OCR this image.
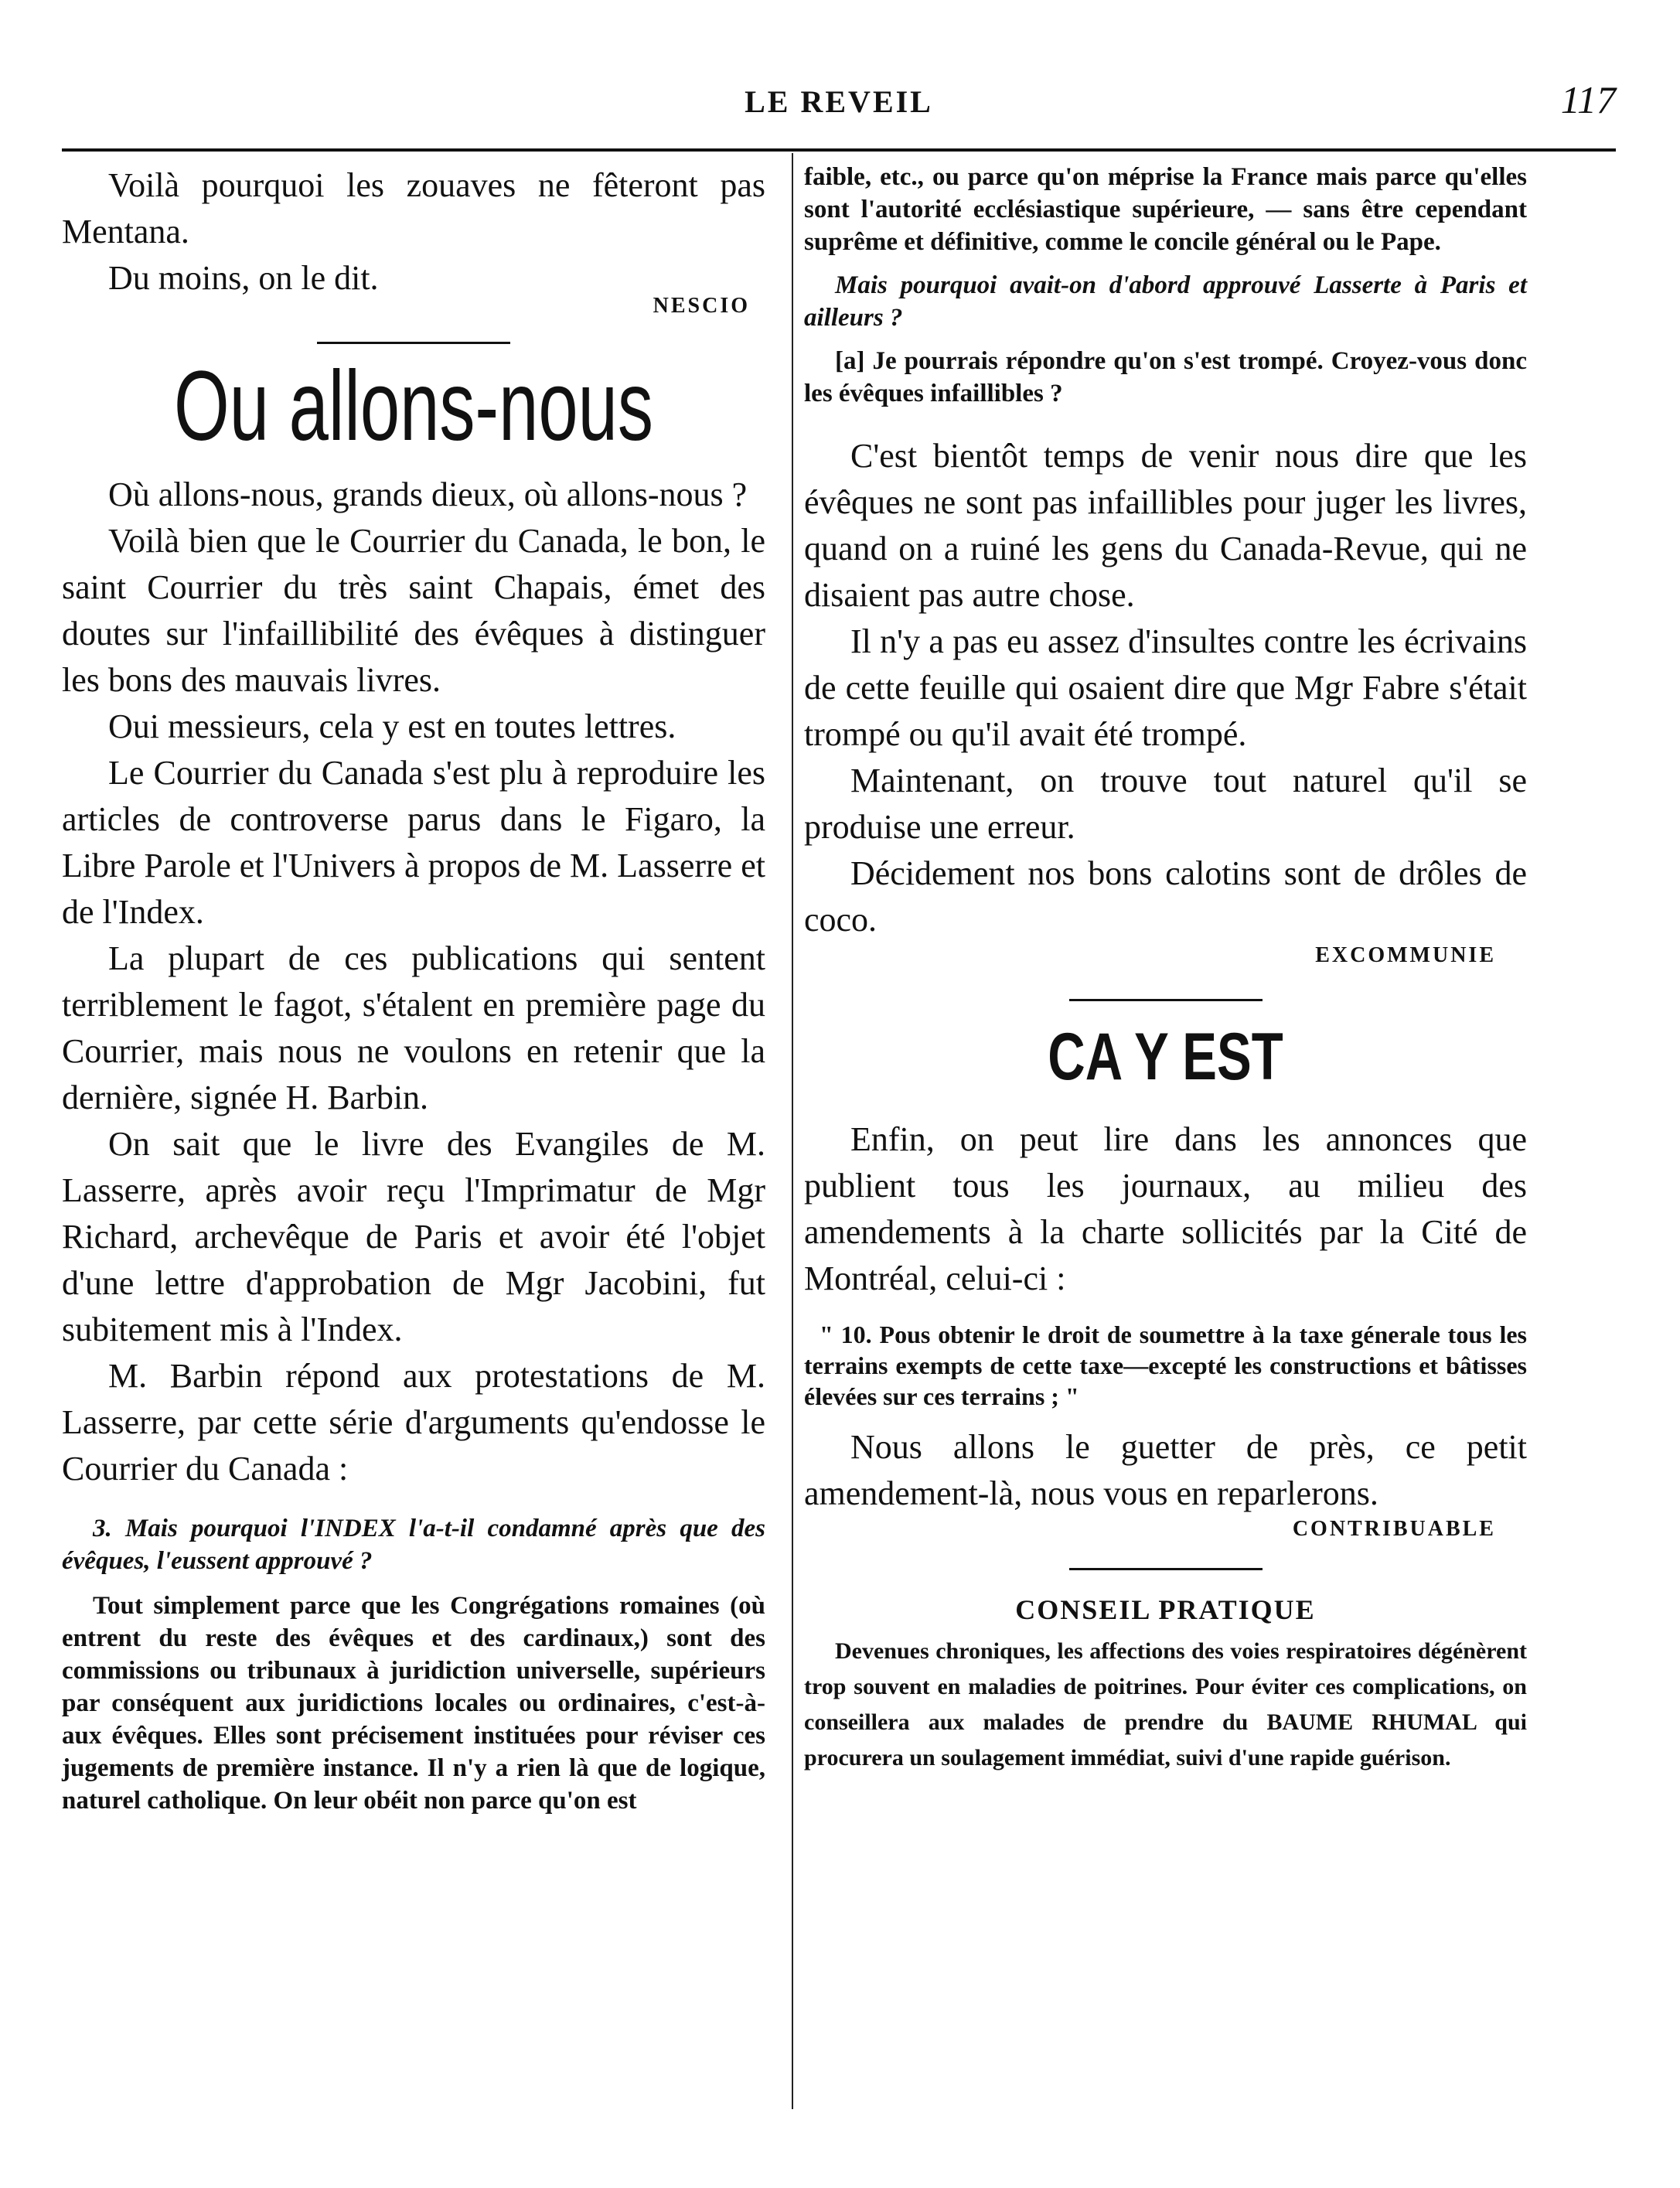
LE REVEIL	117

Voilà pourquoi les zouaves ne fêteront pas Mentana.

Du moins, on le dit.

NESCIO

Ou allons-nous

Où allons-nous, grands dieux, où allons-nous ?

Voilà bien que le Courrier du Canada, le bon, le saint Courrier du très saint Chapais, émet des doutes sur l'infaillibilité des évêques à distinguer les bons des mauvais livres.

Oui messieurs, cela y est en toutes lettres.

Le Courrier du Canada s'est plu à reproduire les articles de controverse parus dans le Figaro, la Libre Parole et l'Univers à propos de M. Lasserre et de l'Index.

La plupart de ces publications qui sentent terriblement le fagot, s'étalent en première page du Courrier, mais nous ne voulons en retenir que la dernière, signée H. Barbin.

On sait que le livre des Evangiles de M. Lasserre, après avoir reçu l'Imprimatur de Mgr Richard, archevêque de Paris et avoir été l'objet d'une lettre d'approbation de Mgr Jacobini, fut subitement mis à l'Index.

M. Barbin répond aux protestations de M. Lasserre, par cette série d'arguments qu'endosse le Courrier du Canada :

3. Mais pourquoi l'INDEX l'a-t-il condamné après que des évêques, l'eussent approuvé ?

Tout simplement parce que les Congrégations romaines (où entrent du reste des évêques et des cardinaux,) sont des commissions ou tribunaux à juridiction universelle, supérieurs par conséquent aux juridictions locales ou ordinaires, c'est-à-aux évêques. Elles sont précisement instituées pour réviser ces jugements de première instance. Il n'y a rien là que de logique, naturel catholique. On leur obéit non parce qu'on est

faible, etc., ou parce qu'on méprise la France mais parce qu'elles sont l'autorité ecclésiastique supérieure, — sans être cependant suprême et définitive, comme le concile général ou le Pape.

Mais pourquoi avait-on d'abord approuvé Lasserte à Paris et ailleurs ?

[a] Je pourrais répondre qu'on s'est trompé. Croyez-vous donc les évêques infaillibles ?

C'est bientôt temps de venir nous dire que les évêques ne sont pas infaillibles pour juger les livres, quand on a ruiné les gens du Canada-Revue, qui ne disaient pas autre chose.

Il n'y a pas eu assez d'insultes contre les écrivains de cette feuille qui osaient dire que Mgr Fabre s'était trompé ou qu'il avait été trompé.

Maintenant, on trouve tout naturel qu'il se produise une erreur.

Décidement nos bons calotins sont de drôles de coco.

EXCOMMUNIE

CA Y EST

Enfin, on peut lire dans les annonces que publient tous les journaux, au milieu des amendements à la charte sollicités par la Cité de Montréal, celui-ci :

" 10. Pous obtenir le droit de soumettre à la taxe génerale tous les terrains exempts de cette taxe—excepté les constructions et bâtisses élevées sur ces terrains ; "

Nous allons le guetter de près, ce petit amendement-là, nous vous en reparlerons.

CONTRIBUABLE

CONSEIL PRATIQUE

Devenues chroniques, les affections des voies respiratoires dégénèrent trop souvent en maladies de poitrines. Pour éviter ces complications, on conseillera aux malades de prendre du BAUME RHUMAL qui procurera un soulagement immédiat, suivi d'une rapide guérison.
